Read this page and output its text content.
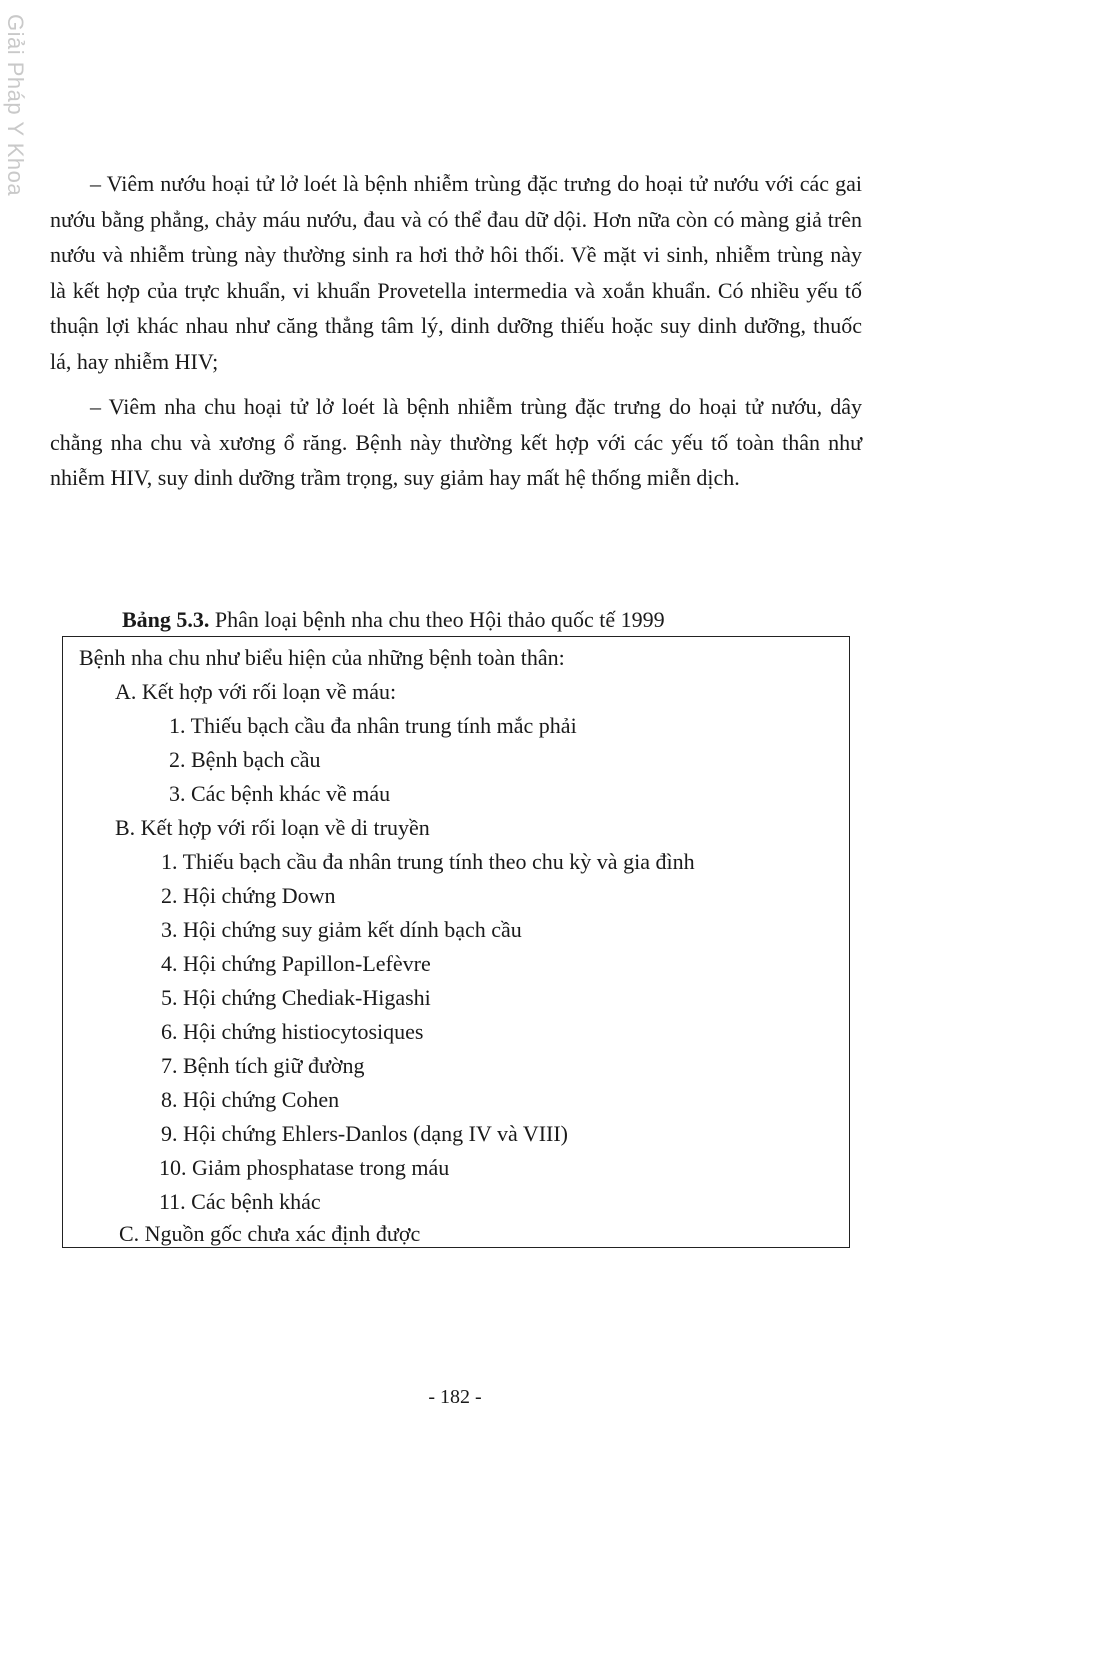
Giải Pháp Y Khoa	– Viêm nướu hoại tử lở loét là bệnh nhiễm trùng đặc trưng do hoại tử nướu với các gai nướu bằng phẳng, chảy máu nướu, đau và có thể đau dữ dội. Hơn nữa còn có màng giả trên nướu và nhiễm trùng này thường sinh ra hơi thở hôi thối. Về mặt vi sinh, nhiễm trùng này là kết hợp của trực khuẩn, vi khuẩn Provetella intermedia và xoắn khuẩn. Có nhiều yếu tố thuận lợi khác nhau như căng thẳng tâm lý, dinh dưỡng thiếu hoặc suy dinh dưỡng, thuốc lá, hay nhiễm HIV;

– Viêm nha chu hoại tử lở loét là bệnh nhiễm trùng đặc trưng do hoại tử nướu, dây chằng nha chu và xương ổ răng. Bệnh này thường kết hợp với các yếu tố toàn thân như nhiễm HIV, suy dinh dưỡng trầm trọng, suy giảm hay mất hệ thống miễn dịch.

Bảng 5.3. Phân loại bệnh nha chu theo Hội thảo quốc tế 1999
Bệnh nha chu như biểu hiện của những bệnh toàn thân:
A. Kết hợp với rối loạn về máu:
1. Thiếu bạch cầu đa nhân trung tính mắc phải
2. Bệnh bạch cầu
3. Các bệnh khác về máu
B. Kết hợp với rối loạn về di truyền
1. Thiếu bạch cầu đa nhân trung tính theo chu kỳ và gia đình
2. Hội chứng Down
3. Hội chứng suy giảm kết dính bạch cầu
4. Hội chứng Papillon-Lefèvre
5. Hội chứng Chediak-Higashi
6. Hội chứng histiocytosiques
7. Bệnh tích giữ đường
8. Hội chứng Cohen
9. Hội chứng Ehlers-Danlos (dạng IV và VIII)
10. Giảm phosphatase trong máu
11. Các bệnh khác
C. Nguồn gốc chưa xác định được
- 182 -
